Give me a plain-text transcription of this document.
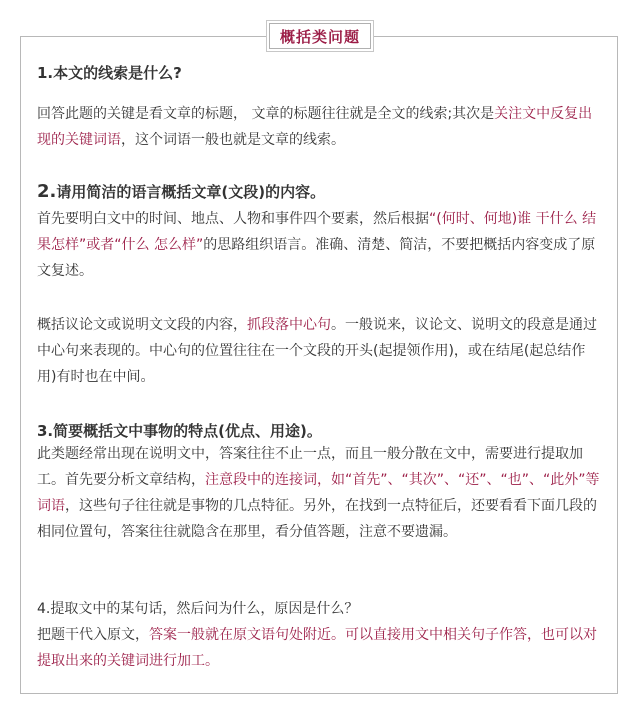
概括类问题
1.本文的线索是什么?
回答此题的关键是看文章的标题， 文章的标题往往就是全文的线索;其次是关注文中反复出现的关键词语，这个词语一般也就是文章的线索。
2.请用简洁的语言概括文章(文段)的内容。
首先要明白文中的时间、地点、人物和事件四个要素，然后根据“(何时、何地)谁 干什么 结果怎样”或者“什么 怎么样”的思路组织语言。准确、清楚、简洁，不要把概括内容变成了原文复述。
概括议论文或说明文文段的内容，抓段落中心句。一般说来，议论文、说明文的段意是通过中心句来表现的。中心句的位置往往在一个文段的开头(起提领作用)，或在结尾(起总结作用)有时也在中间。
3.简要概括文中事物的特点(优点、用途)。
此类题经常出现在说明文中，答案往往不止一点，而且一般分散在文中，需要进行提取加工。首先要分析文章结构，注意段中的连接词，如“首先”、“其次”、“还”、“也”、“此外”等词语，这些句子往往就是事物的几点特征。另外，在找到一点特征后，还要看看下面几段的相同位置句，答案往往就隐含在那里，看分值答题，注意不要遗漏。
4.提取文中的某句话，然后问为什么，原因是什么？
把题干代入原文，答案一般就在原文语句处附近。可以直接用文中相关句子作答，也可以对提取出来的关键词进行加工。
